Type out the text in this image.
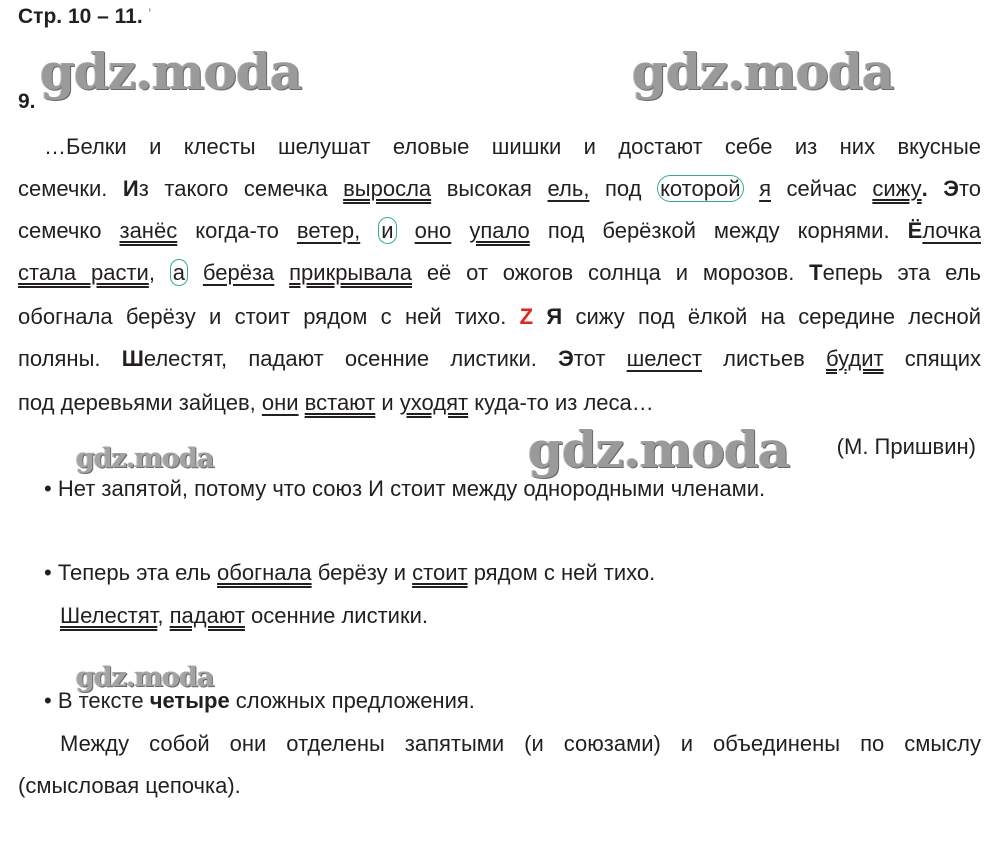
Стр. 10 – 11. '
9.
gdz.moda	gdz.moda
gdz.moda
gdz.moda
gdz.moda
…Белки и клесты шелушат еловые шишки и достают себе из них вкусные
семечки. Из такого семечка выросла высокая ель, под которой я сейчас сижу. Это
семечко занёс когда-то ветер, и оно упало под берёзкой между корнями. Ёлочка
стала расти, а берёза прикрывала её от ожогов солнца и морозов. Теперь эта ель
обогнала берёзу и стоит рядом с ней тихо. Z Я сижу под ёлкой на середине лесной
поляны. Шелестят, падают осенние листики. Этот шелест листьев будит спящих
под деревьями зайцев, они встают и уходят куда-то из леса…
(М. Пришвин)
• Нет запятой, потому что союз И стоит между однородными членами.
• Теперь эта ель обогнала берёзу и стоит рядом с ней тихо.
Шелестят, падают осенние листики.
• В тексте четыре сложных предложения.
Между собой они отделены запятыми (и союзами) и объединены по смыслу
(смысловая цепочка).
